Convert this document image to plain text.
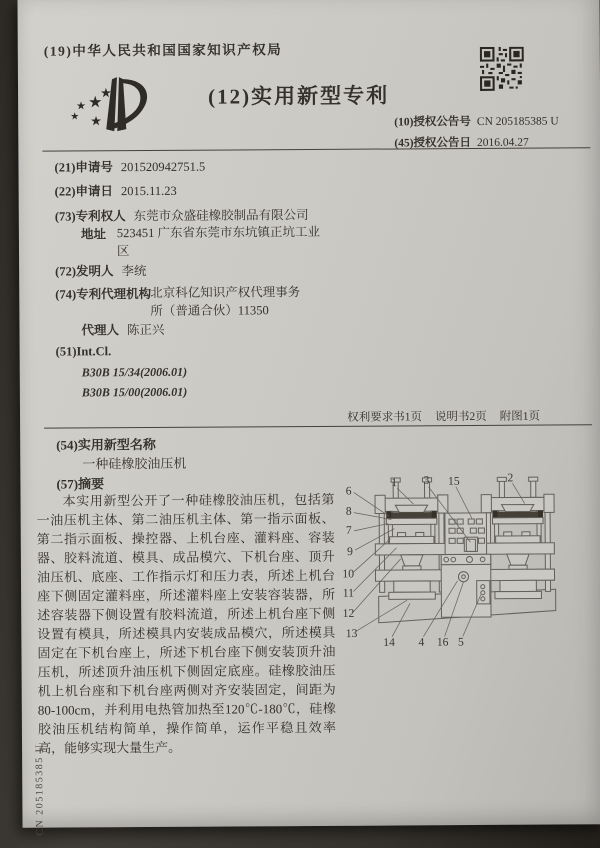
(19)中华人民共和国国家知识产权局
★
★
★
★ ★
(12)实用新型专利
(10)授权公告号 CN 205185385 U
(45)授权公告日 2016.04.27
(21)申请号 201520942751.5
(22)申请日 2015.11.23
(73)专利权人 东莞市众盛硅橡胶制品有限公司
地址 523451 广东省东莞市东坑镇正坑工业区
(72)发明人 李统
(74)专利代理机构 北京科亿知识产权代理事务所（普通合伙）11350
代理人 陈正兴
(51)Int.Cl.
B30B 15/34(2006.01)
B30B 15/00(2006.01)
权利要求书1页 说明书2页 附图1页
(54)实用新型名称
一种硅橡胶油压机
(57)摘要
本实用新型公开了一种硅橡胶油压机，包括第一油压机主体、第二油压机主体、第一指示面板、第二指示面板、操控器、上机台座、灌料座、容装器、胶料流道、模具、成品模穴、下机台座、顶升油压机、底座、工作指示灯和压力表，所述上机台座下侧固定灌料座，所述灌料座上安装容装器，所述容装器下侧设置有胶料流道，所述上机台座下侧设置有模具，所述模具内安装成品模穴，所述模具固定在下机台座上，所述下机台座下侧安装顶升油压机，所述顶升油压机下侧固定底座。硅橡胶油压机上机台座和下机台座两侧对齐安装固定，间距为80-100cm，并利用电热管加热至120℃-180℃，硅橡胶油压机结构简单，操作简单，运作平稳且效率高，能够实现大量生产。
6
8
7
9
10
11
12
13
1 3 15	2
14 4 16 5
CN 205185385 U
